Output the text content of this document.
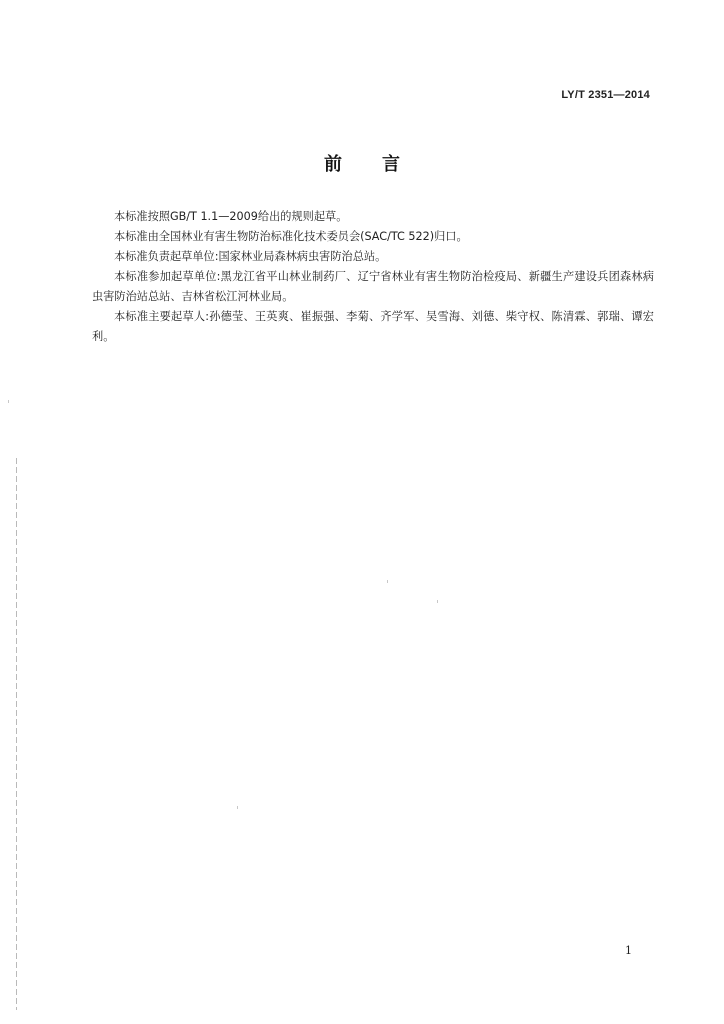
LY/T 2351—2014
前言

本标准按照GB/T 1.1—2009给出的规则起草。

本标准由全国林业有害生物防治标准化技术委员会(SAC/TC 522)归口。

本标准负责起草单位:国家林业局森林病虫害防治总站。

本标准参加起草单位:黑龙江省平山林业制药厂、辽宁省林业有害生物防治检疫局、新疆生产建设兵团森林病虫害防治站总站、吉林省松江河林业局。

本标准主要起草人:孙德莹、王英爽、崔振强、李菊、齐学军、吴雪海、刘德、柴守权、陈清霖、郭瑞、谭宏利。

1
